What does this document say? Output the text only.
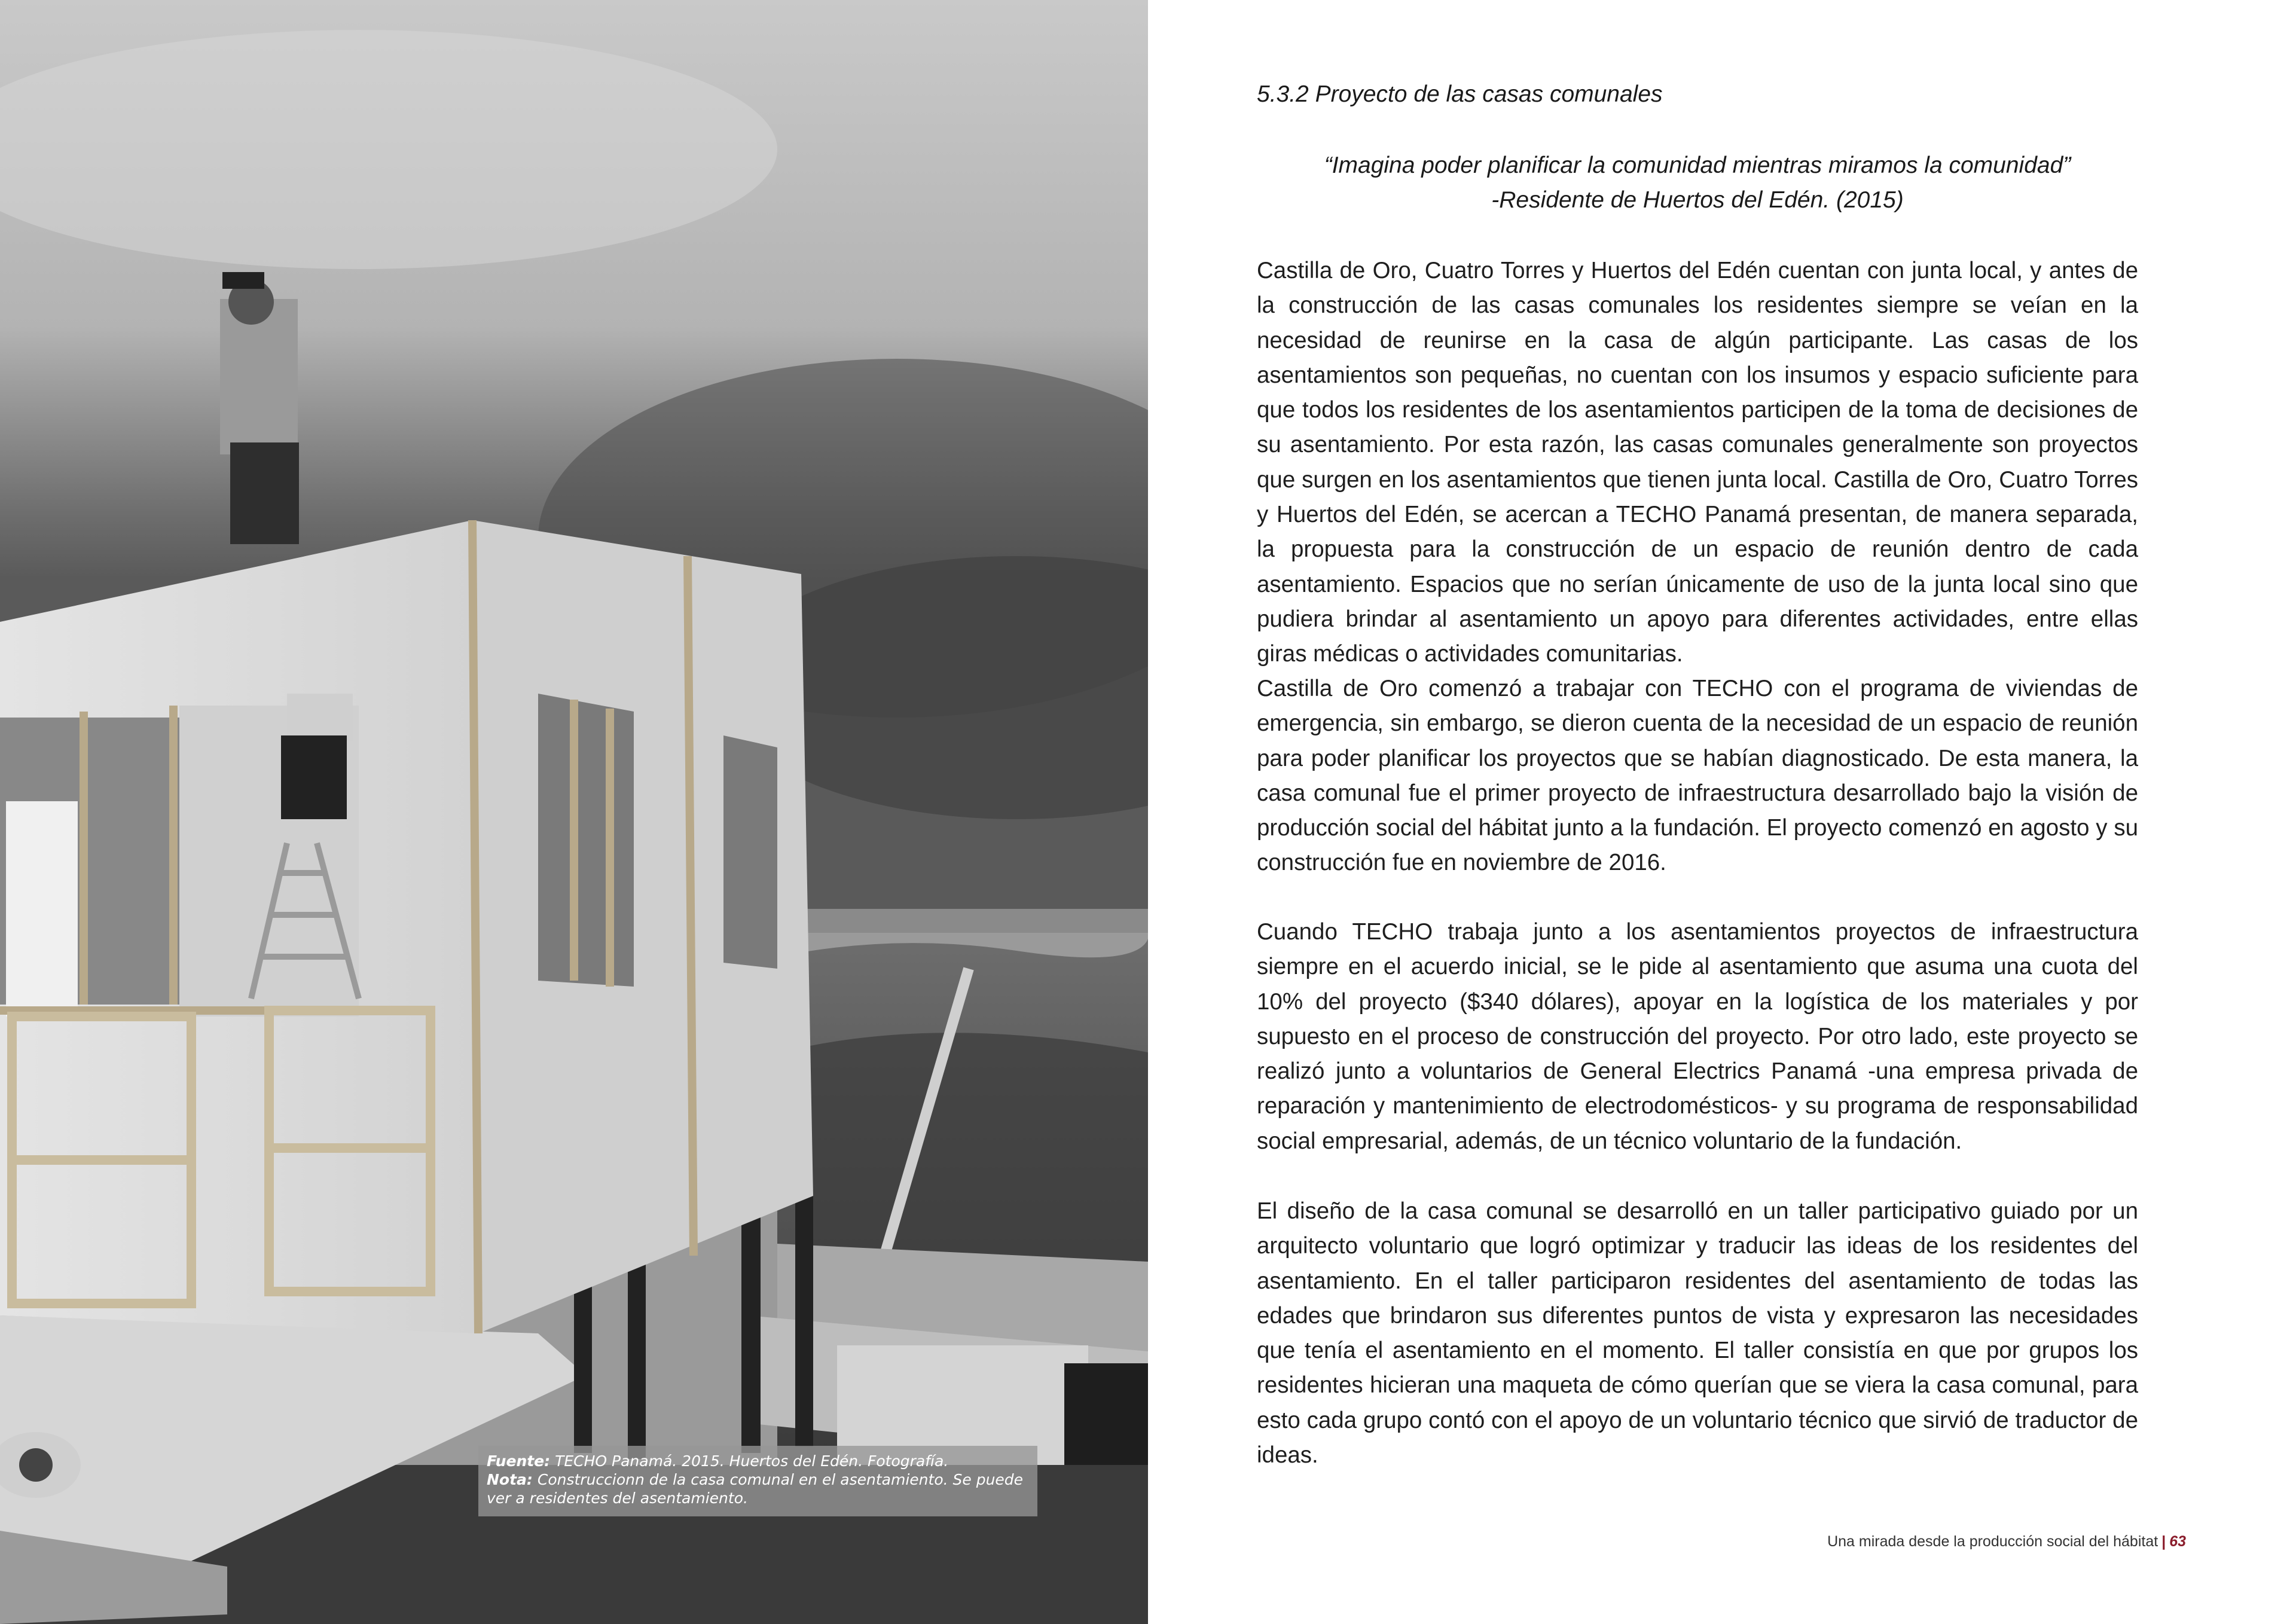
Fuente: TECHO Panamá. 2015. Huertos del Edén. Fotografía.
Nota: Construccionn de la casa comunal en el asentamiento. Se puede ver a residentes del asentamiento.
5.3.2 Proyecto de las casas comunales
“Imagina poder planificar la comunidad mientras miramos la comunidad”
-Residente de Huertos del Edén. (2015)
Castilla de Oro, Cuatro Torres y Huertos del Edén cuentan con junta local, y antes de la construcción de las casas comunales los residentes siempre se veían en la necesidad de reunirse en la casa de algún participante. Las casas de los asentamientos son pequeñas, no cuentan con los insumos y espacio suficiente para que todos los residentes de los asentamientos participen de la toma de decisiones de su asentamiento. Por esta razón, las casas comunales generalmente son proyectos que surgen en los asentamientos que tienen junta local. Castilla de Oro, Cuatro Torres y Huertos del Edén, se acercan a TECHO Panamá presentan, de manera separada, la propuesta para la construcción de un espacio de reunión dentro de cada asentamiento. Espacios que no serían únicamente de uso de la junta local sino que pudiera brindar al asentamiento un apoyo para diferentes actividades, entre ellas giras médicas o actividades comunitarias.
Castilla de Oro comenzó a trabajar con TECHO con el programa de viviendas de emergencia, sin embargo, se dieron cuenta de la necesidad de un espacio de reunión para poder planificar los proyectos que se habían diagnosticado. De esta manera, la casa comunal fue el primer proyecto de infraestructura desarrollado bajo la visión de producción social del hábitat junto a la fundación. El proyecto comenzó en agosto y su construcción fue en noviembre de 2016.
Cuando TECHO trabaja junto a los asentamientos proyectos de infraestructura siempre en el acuerdo inicial, se le pide al asentamiento que asuma una cuota del 10% del proyecto ($340 dólares), apoyar en la logística de los materiales y por supuesto en el proceso de construcción del proyecto. Por otro lado, este proyecto se realizó junto a voluntarios de General Electrics Panamá -una empresa privada de reparación y mantenimiento de electrodomésticos- y su programa de responsabilidad social empresarial, además, de un técnico voluntario de la fundación.
El diseño de la casa comunal se desarrolló en un taller participativo guiado por un arquitecto voluntario que logró optimizar y traducir las ideas de los residentes del asentamiento. En el taller participaron residentes del asentamiento de todas las edades que brindaron sus diferentes puntos de vista y expresaron las necesidades que tenía el asentamiento en el momento. El taller consistía en que por grupos los residentes hicieran una maqueta de cómo querían que se viera la casa comunal, para esto cada grupo contó con el apoyo de un voluntario técnico que sirvió de traductor de ideas.
Una mirada desde la producción social del hábitat | 63
